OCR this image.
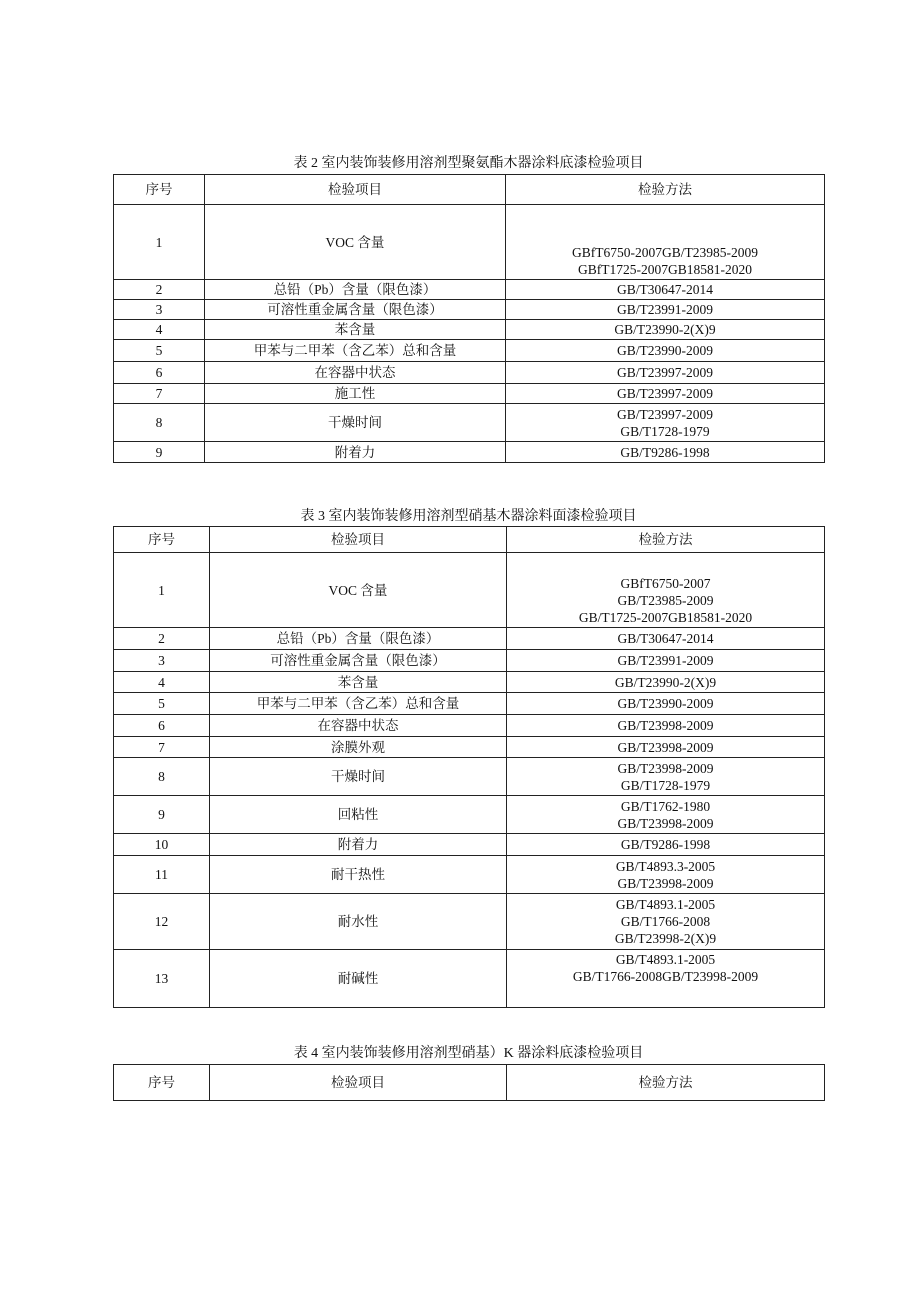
表 2 室内装饰装修用溶剂型聚氨酯木器涂料底漆检验项目
序号	检验项目	检验方法
1	VOC 含量	GBfT6750-2007GB/T23985-2009
GBfT1725-2007GB18581-2020

2	总铅（Pb）含量（限色漆）	GB/T30647-2014
3	可溶性重金属含量（限色漆）	GB/T23991-2009
4	苯含量	GB/T23990-2(X)9
5	甲苯与二甲苯（含乙苯）总和含量	GB/T23990-2009
6	在容器中状态	GB/T23997-2009
7	施工性	GB/T23997-2009
8	干燥时间	GB/T23997-2009
GB/T1728-1979

9	附着力	GB/T9286-1998
表 3 室内装饰装修用溶剂型硝基木器涂料面漆检验项目
序号	检验项目	检验方法
1	VOC 含量	GBfT6750-2007
GB/T23985-2009
GB/T1725-2007GB18581-2020

2	总铅（Pb）含量（限色漆）	GB/T30647-2014
3	可溶性重金属含量（限色漆）	GB/T23991-2009
4	苯含量	GB/T23990-2(X)9
5	甲苯与二甲苯（含乙苯）总和含量	GB/T23990-2009
6	在容器中状态	GB/T23998-2009
7	涂膜外观	GB/T23998-2009
8	干燥时间	GB/T23998-2009
GB/T1728-1979

9	回粘性	GB/T1762-1980
GB/T23998-2009

10	附着力	GB/T9286-1998
11	耐干热性	GB/T4893.3-2005
GB/T23998-2009

12	耐水性	GB/T4893.1-2005
GB/T1766-2008
GB/T23998-2(X)9

13	耐碱性	GB/T4893.1-2005
GB/T1766-2008GB/T23998-2009
表 4 室内装饰装修用溶剂型硝基）K 器涂料底漆检验项目
序号	检验项目	检验方法
